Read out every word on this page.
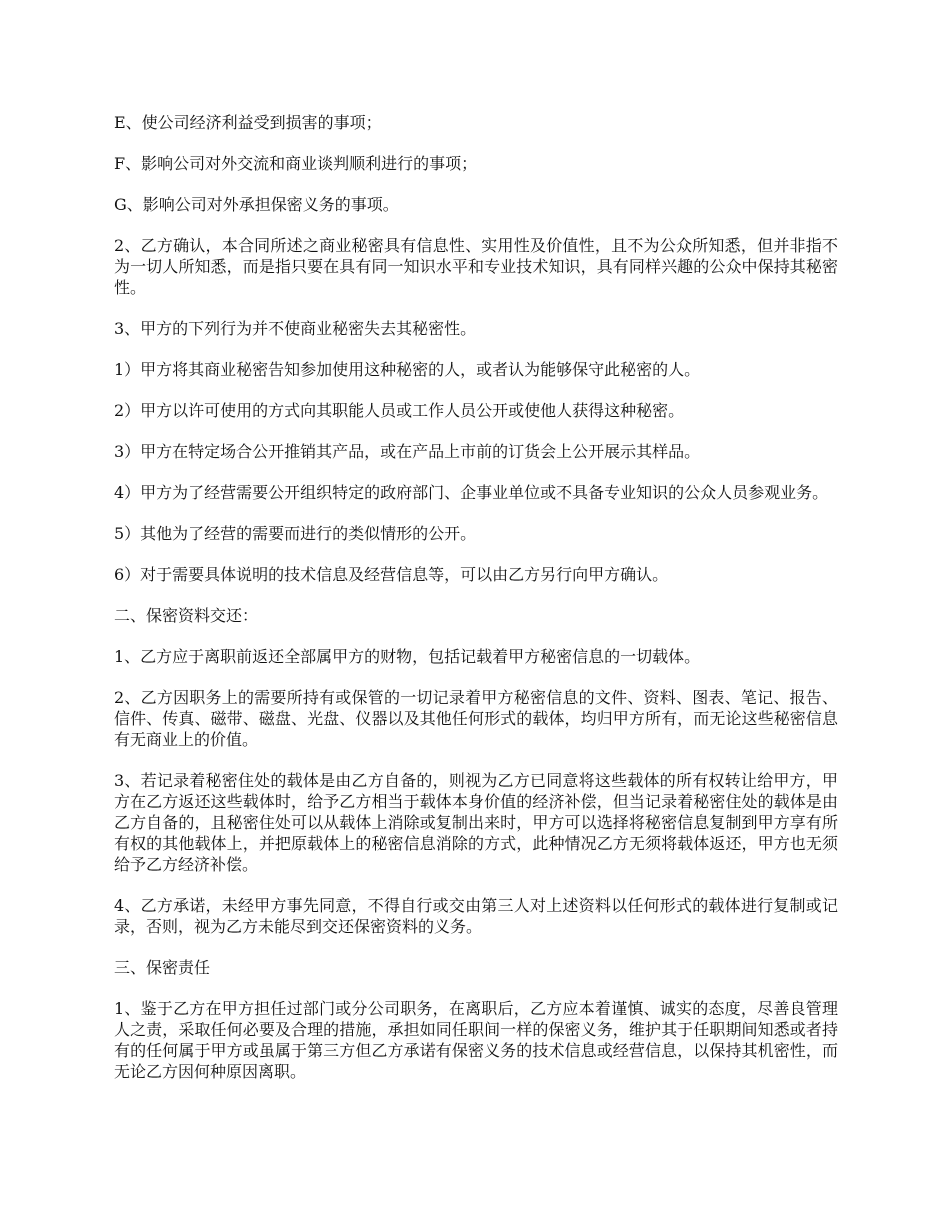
E、使公司经济利益受到损害的事项；

F、影响公司对外交流和商业谈判顺利进行的事项；

G、影响公司对外承担保密义务的事项。

2、乙方确认，本合同所述之商业秘密具有信息性、实用性及价值性，且不为公众所知悉，但并非指不为一切人所知悉，而是指只要在具有同一知识水平和专业技术知识，具有同样兴趣的公众中保持其秘密性。

3、甲方的下列行为并不使商业秘密失去其秘密性。

1）甲方将其商业秘密告知参加使用这种秘密的人，或者认为能够保守此秘密的人。

2）甲方以许可使用的方式向其职能人员或工作人员公开或使他人获得这种秘密。

3）甲方在特定场合公开推销其产品，或在产品上市前的订货会上公开展示其样品。

4）甲方为了经营需要公开组织特定的政府部门、企事业单位或不具备专业知识的公众人员参观业务。

5）其他为了经营的需要而进行的类似情形的公开。

6）对于需要具体说明的技术信息及经营信息等，可以由乙方另行向甲方确认。

二、保密资料交还：

1、乙方应于离职前返还全部属甲方的财物，包括记载着甲方秘密信息的一切载体。

2、乙方因职务上的需要所持有或保管的一切记录着甲方秘密信息的文件、资料、图表、笔记、报告、信件、传真、磁带、磁盘、光盘、仪器以及其他任何形式的载体，均归甲方所有，而无论这些秘密信息有无商业上的价值。

3、若记录着秘密住处的载体是由乙方自备的，则视为乙方已同意将这些载体的所有权转让给甲方，甲方在乙方返还这些载体时，给予乙方相当于载体本身价值的经济补偿，但当记录着秘密住处的载体是由乙方自备的，且秘密住处可以从载体上消除或复制出来时，甲方可以选择将秘密信息复制到甲方享有所有权的其他载体上，并把原载体上的秘密信息消除的方式，此种情况乙方无须将载体返还，甲方也无须给予乙方经济补偿。

4、乙方承诺，未经甲方事先同意，不得自行或交由第三人对上述资料以任何形式的载体进行复制或记录，否则，视为乙方未能尽到交还保密资料的义务。

三、保密责任

1、鉴于乙方在甲方担任过部门或分公司职务，在离职后，乙方应本着谨慎、诚实的态度，尽善良管理人之责，采取任何必要及合理的措施，承担如同任职间一样的保密义务，维护其于任职期间知悉或者持有的任何属于甲方或虽属于第三方但乙方承诺有保密义务的技术信息或经营信息，以保持其机密性，而无论乙方因何种原因离职。
